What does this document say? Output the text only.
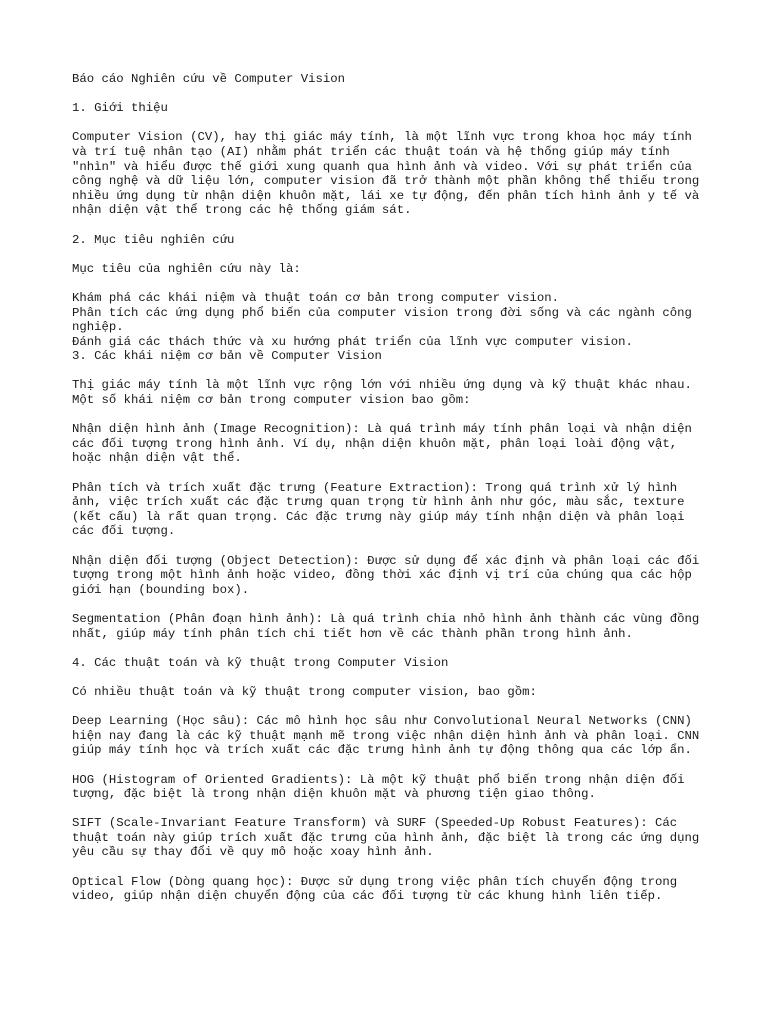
Báo cáo Nghiên cứu về Computer Vision

1. Giới thiệu

Computer Vision (CV), hay thị giác máy tính, là một lĩnh vực trong khoa học máy tính và trí tuệ nhân tạo (AI) nhằm phát triển các thuật toán và hệ thống giúp máy tính "nhìn" và hiểu được thế giới xung quanh qua hình ảnh và video. Với sự phát triển của công nghệ và dữ liệu lớn, computer vision đã trở thành một phần không thể thiếu trong nhiều ứng dụng từ nhận diện khuôn mặt, lái xe tự động, đến phân tích hình ảnh y tế và nhận diện vật thể trong các hệ thống giám sát.

2. Mục tiêu nghiên cứu

Mục tiêu của nghiên cứu này là:

Khám phá các khái niệm và thuật toán cơ bản trong computer vision.
Phân tích các ứng dụng phổ biến của computer vision trong đời sống và các ngành công nghiệp.
Đánh giá các thách thức và xu hướng phát triển của lĩnh vực computer vision.

3. Các khái niệm cơ bản về Computer Vision

Thị giác máy tính là một lĩnh vực rộng lớn với nhiều ứng dụng và kỹ thuật khác nhau. Một số khái niệm cơ bản trong computer vision bao gồm:

Nhận diện hình ảnh (Image Recognition): Là quá trình máy tính phân loại và nhận diện các đối tượng trong hình ảnh. Ví dụ, nhận diện khuôn mặt, phân loại loài động vật, hoặc nhận diện vật thể.

Phân tích và trích xuất đặc trưng (Feature Extraction): Trong quá trình xử lý hình ảnh, việc trích xuất các đặc trưng quan trọng từ hình ảnh như góc, màu sắc, texture (kết cấu) là rất quan trọng. Các đặc trưng này giúp máy tính nhận diện và phân loại các đối tượng.

Nhận diện đối tượng (Object Detection): Được sử dụng để xác định và phân loại các đối tượng trong một hình ảnh hoặc video, đồng thời xác định vị trí của chúng qua các hộp giới hạn (bounding box).

Segmentation (Phân đoạn hình ảnh): Là quá trình chia nhỏ hình ảnh thành các vùng đồng nhất, giúp máy tính phân tích chi tiết hơn về các thành phần trong hình ảnh.

4. Các thuật toán và kỹ thuật trong Computer Vision

Có nhiều thuật toán và kỹ thuật trong computer vision, bao gồm:

Deep Learning (Học sâu): Các mô hình học sâu như Convolutional Neural Networks (CNN) hiện nay đang là các kỹ thuật mạnh mẽ trong việc nhận diện hình ảnh và phân loại. CNN giúp máy tính học và trích xuất các đặc trưng hình ảnh tự động thông qua các lớp ẩn.

HOG (Histogram of Oriented Gradients): Là một kỹ thuật phổ biến trong nhận diện đối tượng, đặc biệt là trong nhận diện khuôn mặt và phương tiện giao thông.

SIFT (Scale-Invariant Feature Transform) và SURF (Speeded-Up Robust Features): Các thuật toán này giúp trích xuất đặc trưng của hình ảnh, đặc biệt là trong các ứng dụng yêu cầu sự thay đổi về quy mô hoặc xoay hình ảnh.

Optical Flow (Dòng quang học): Được sử dụng trong việc phân tích chuyển động trong video, giúp nhận diện chuyển động của các đối tượng từ các khung hình liên tiếp.
